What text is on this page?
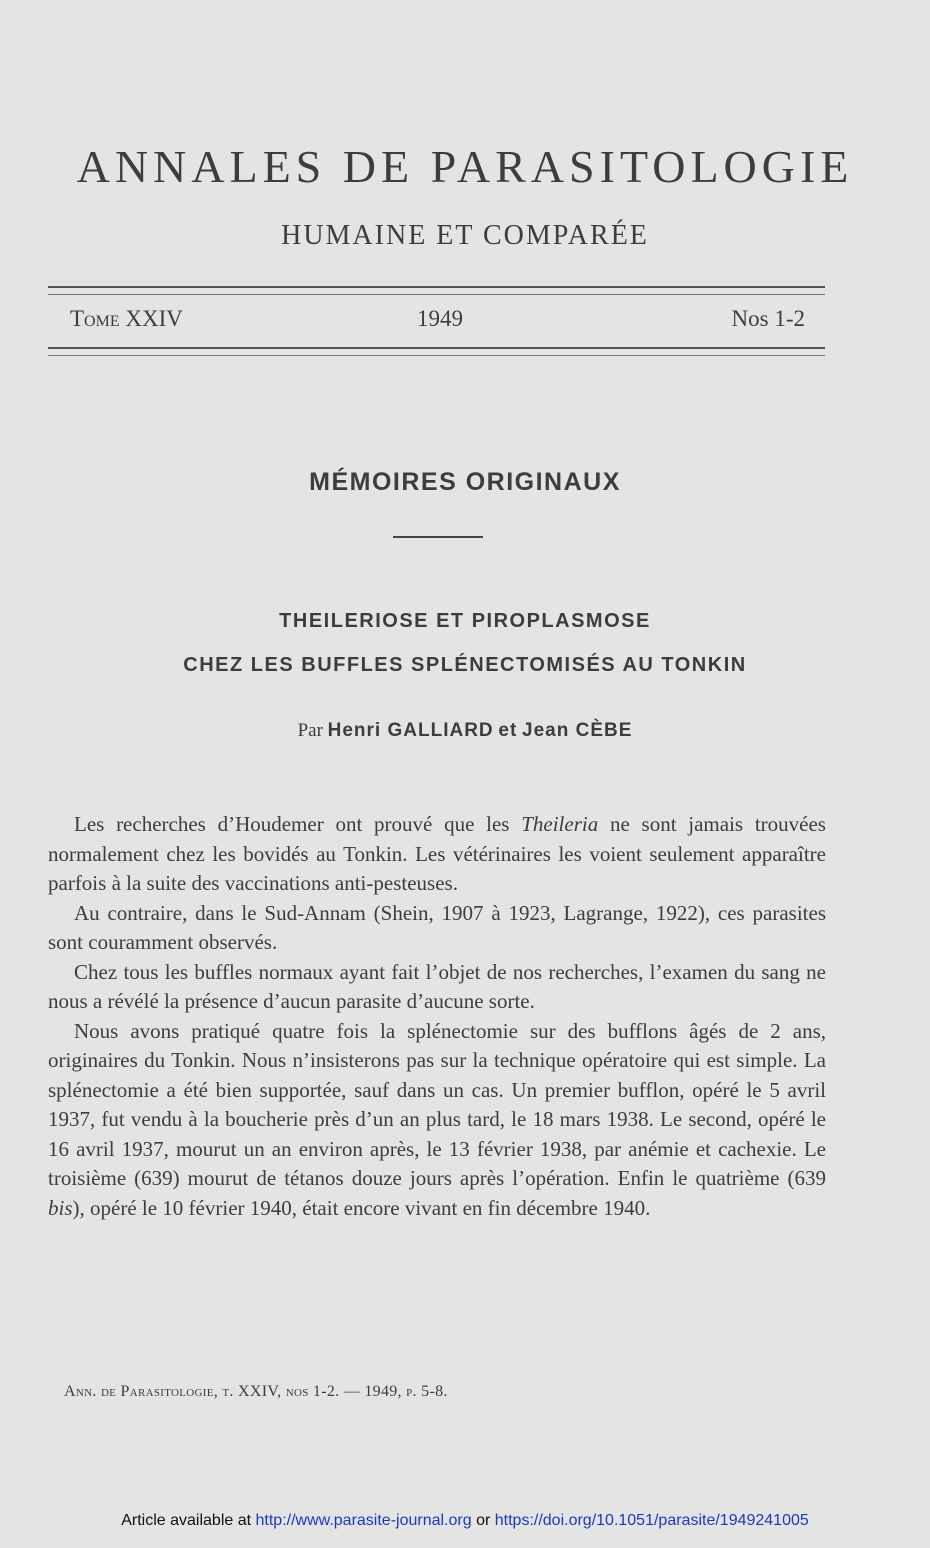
ANNALES DE PARASITOLOGIE
HUMAINE ET COMPARÉE
Tome XXIV	1949	Nos 1-2
MÉMOIRES ORIGINAUX
THEILERIOSE ET PIROPLASMOSE
CHEZ LES BUFFLES SPLÉNECTOMISÉS AU TONKIN
Par Henri GALLIARD et Jean CÈBE

Les recherches d’Houdemer ont prouvé que les Theileria ne sont jamais trouvées normalement chez les bovidés au Tonkin. Les vétérinaires les voient seulement apparaître parfois à la suite des vaccinations anti-pesteuses.

Au contraire, dans le Sud-Annam (Shein, 1907 à 1923, Lagrange, 1922), ces parasites sont couramment observés.

Chez tous les buffles normaux ayant fait l’objet de nos recherches, l’examen du sang ne nous a révélé la présence d’aucun parasite d’aucune sorte.

Nous avons pratiqué quatre fois la splénectomie sur des bufflons âgés de 2 ans, originaires du Tonkin. Nous n’insisterons pas sur la technique opératoire qui est simple. La splénectomie a été bien supportée, sauf dans un cas. Un premier bufflon, opéré le 5 avril 1937, fut vendu à la boucherie près d’un an plus tard, le 18 mars 1938. Le second, opéré le 16 avril 1937, mourut un an environ après, le 13 février 1938, par anémie et cachexie. Le troisième (639) mourut de tétanos douze jours après l’opération. Enfin le quatrième (639 bis), opéré le 10 février 1940, était encore vivant en fin décembre 1940.

Ann. de Parasitologie, t. XXIV, nos 1-2. — 1949, p. 5-8.
Article available at http://www.parasite-journal.org or https://doi.org/10.1051/parasite/1949241005
